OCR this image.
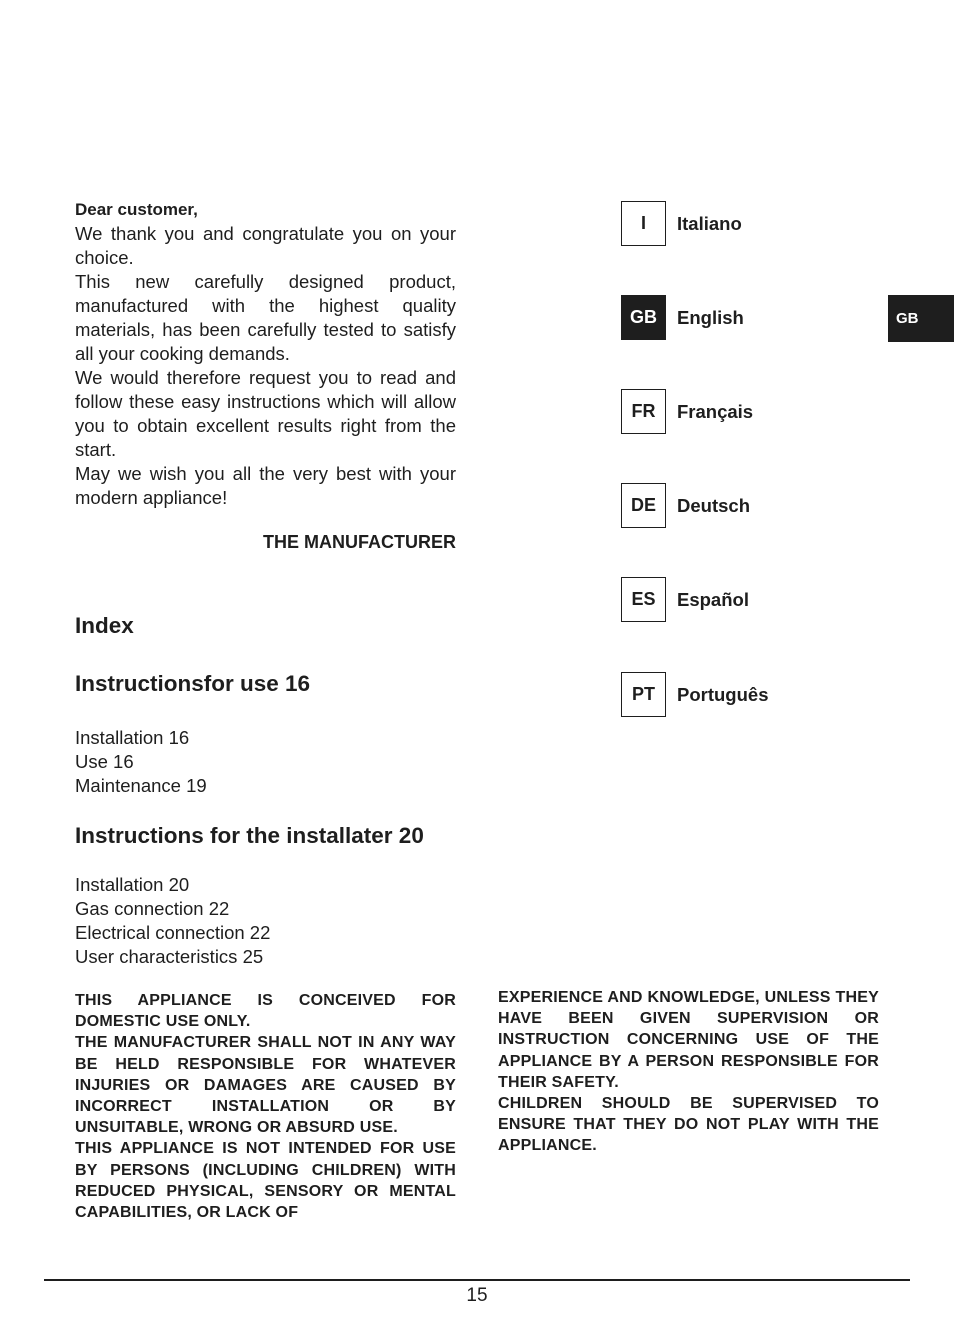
Dear customer,

We thank you and congratulate you on your choice.

This new carefully designed product, manufactured with the highest quality materials, has been carefully tested to satisfy all your cooking demands.

We would therefore request you to read and follow these easy instructions which will allow you to obtain excellent results right from the start.

May we wish you all the very best with your modern appliance!

THE MANUFACTURER
Index
Instructionsfor use 16
Installation 16
Use 16
Maintenance 19
Instructions for the installater 20
Installation 20
Gas connection 22
Electrical connection 22
User characteristics 25

THIS APPLIANCE IS CONCEIVED FOR DOMESTIC USE ONLY.

THE MANUFACTURER SHALL NOT IN ANY WAY BE HELD RESPONSIBLE FOR WHATEVER INJURIES OR DAMAGES ARE CAUSED BY INCORRECT INSTALLATION OR BY UNSUITABLE, WRONG OR ABSURD USE.

THIS APPLIANCE IS NOT INTENDED FOR USE BY PERSONS (INCLUDING CHILDREN) WITH REDUCED PHYSICAL, SENSORY OR MENTAL CAPABILITIES, OR LACK OF

EXPERIENCE AND KNOWLEDGE, UNLESS THEY HAVE BEEN GIVEN SUPERVISION OR INSTRUCTION CONCERNING USE OF THE APPLIANCE BY A PERSON RESPONSIBLE FOR THEIR SAFETY.

CHILDREN SHOULD BE SUPERVISED TO ENSURE THAT THEY DO NOT PLAY WITH THE APPLIANCE.

I	Italiano
GB	English
FR	Français
DE	Deutsch
ES	Español
PT	Português
GB
15
